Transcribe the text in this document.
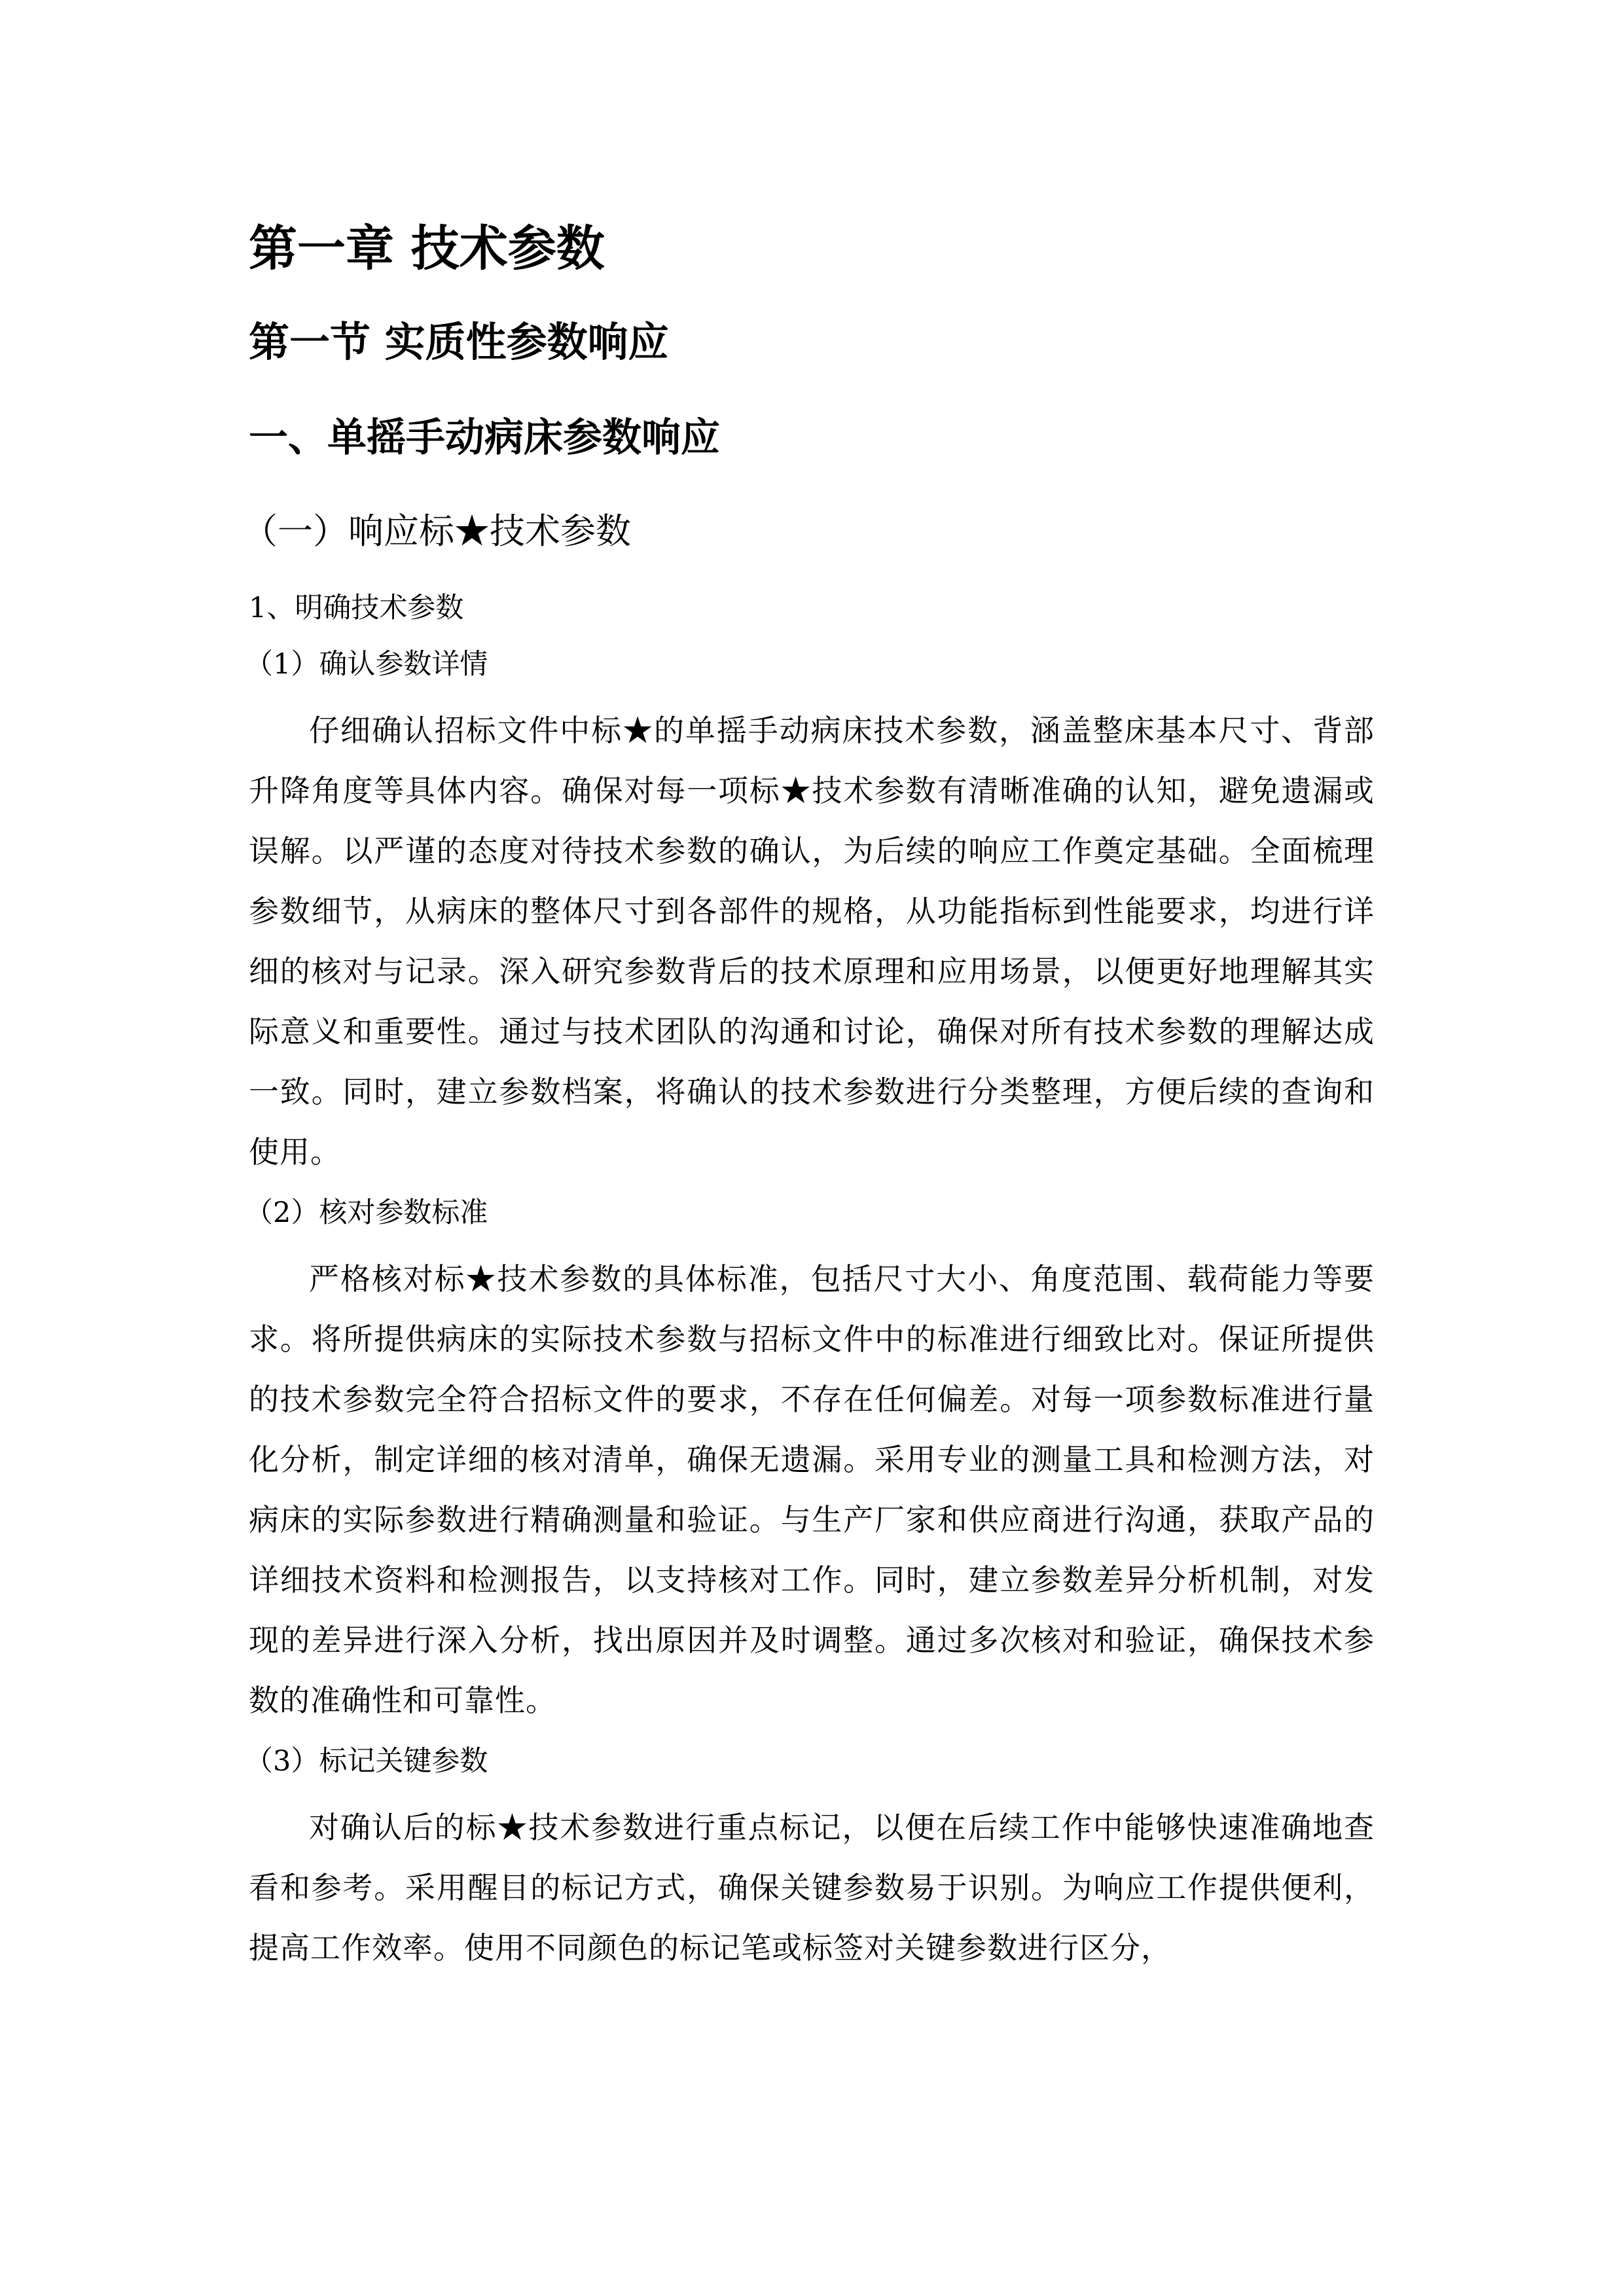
第一章 技术参数
第一节 实质性参数响应
一、单摇手动病床参数响应
（一）响应标★技术参数
1、明确技术参数
（1）确认参数详情

仔细确认招标文件中标★的单摇手动病床技术参数，涵盖整床基本尺寸、背部升降角度等具体内容。确保对每一项标★技术参数有清晰准确的认知，避免遗漏或误解。以严谨的态度对待技术参数的确认，为后续的响应工作奠定基础。全面梳理参数细节，从病床的整体尺寸到各部件的规格，从功能指标到性能要求，均进行详细的核对与记录。深入研究参数背后的技术原理和应用场景，以便更好地理解其实际意义和重要性。通过与技术团队的沟通和讨论，确保对所有技术参数的理解达成一致。同时，建立参数档案，将确认的技术参数进行分类整理，方便后续的查询和使用。

（2）核对参数标准

严格核对标★技术参数的具体标准，包括尺寸大小、角度范围、载荷能力等要求。将所提供病床的实际技术参数与招标文件中的标准进行细致比对。保证所提供的技术参数完全符合招标文件的要求，不存在任何偏差。对每一项参数标准进行量化分析，制定详细的核对清单，确保无遗漏。采用专业的测量工具和检测方法，对病床的实际参数进行精确测量和验证。与生产厂家和供应商进行沟通，获取产品的详细技术资料和检测报告，以支持核对工作。同时，建立参数差异分析机制，对发现的差异进行深入分析，找出原因并及时调整。通过多次核对和验证，确保技术参数的准确性和可靠性。

（3）标记关键参数

对确认后的标★技术参数进行重点标记，以便在后续工作中能够快速准确地查看和参考。采用醒目的标记方式，确保关键参数易于识别。为响应工作提供便利，提高工作效率。使用不同颜色的标记笔或标签对关键参数进行区分，
